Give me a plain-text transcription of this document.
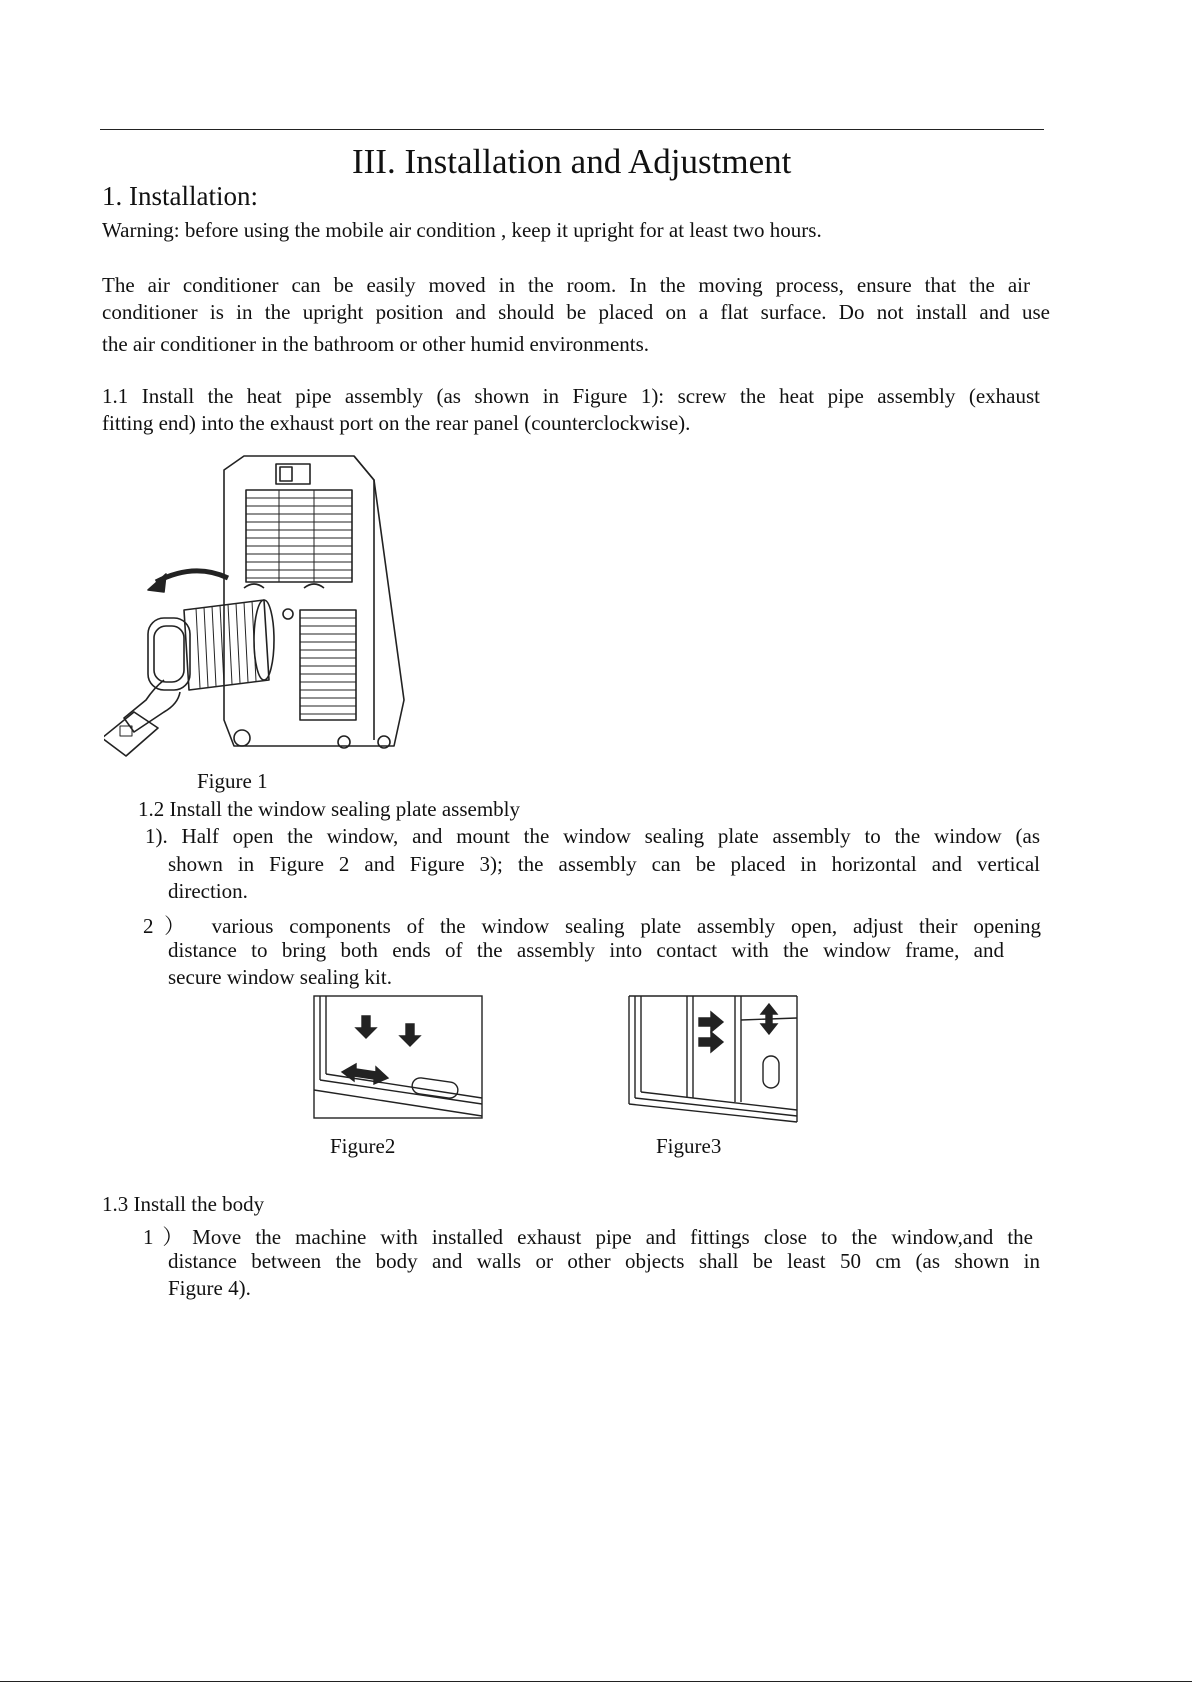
III. Installation and Adjustment

1. Installation:

Warning: before using the mobile air condition , keep it upright for at least two hours.

The air conditioner can be easily moved in the room. In the moving process, ensure that the air
conditioner is in the upright position and should be placed on a flat surface. Do not install and use

the air conditioner in the bathroom or other humid environments.

1.1 Install the heat pipe assembly (as shown in Figure 1): screw the heat pipe assembly (exhaust

fitting end) into the exhaust port on the rear panel (counterclockwise).

Figure 1

1.2 Install the window sealing plate assembly

1). Half open the window, and mount the window sealing plate assembly to the window (as
shown in Figure 2 and Figure 3); the assembly can be placed in horizontal and vertical

direction.

2） various components of the window sealing plate assembly open, adjust their opening
distance to bring both ends of the assembly into contact with the window frame, and

secure window sealing kit.

Figure2	Figure3

1.3 Install the body

1）Move the machine with installed exhaust pipe and fittings close to the window,and the
distance between the body and walls or other objects shall be least 50 cm (as shown in

Figure 4).
